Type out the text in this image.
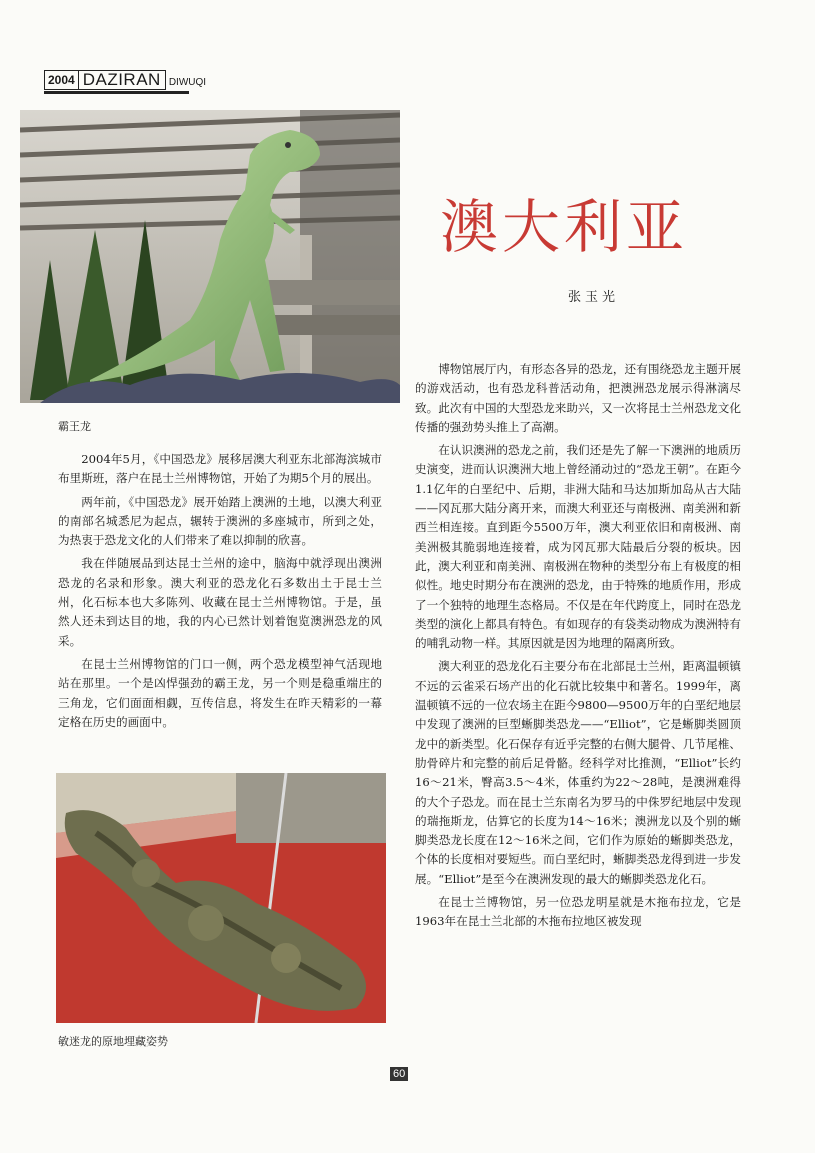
2004 DAZIRAN DIWUQI
霸王龙
澳大利亚
张玉光

2004年5月，《中国恐龙》展移居澳大利亚东北部海滨城市布里斯班，落户在昆士兰州博物馆，开始了为期5个月的展出。

两年前，《中国恐龙》展开始踏上澳洲的土地，以澳大利亚的南部名城悉尼为起点，辗转于澳洲的多座城市，所到之处，为热衷于恐龙文化的人们带来了难以抑制的欣喜。

我在伴随展品到达昆士兰州的途中，脑海中就浮现出澳洲恐龙的名录和形象。澳大利亚的恐龙化石多数出土于昆士兰州，化石标本也大多陈列、收藏在昆士兰州博物馆。于是，虽然人还未到达目的地，我的内心已然计划着饱览澳洲恐龙的风采。

在昆士兰州博物馆的门口一侧，两个恐龙模型神气活现地站在那里。一个是凶悍强劲的霸王龙，另一个则是稳重端庄的三角龙，它们面面相觑，互传信息，将发生在昨天精彩的一幕定格在历史的画面中。

敏迷龙的原地埋藏姿势

博物馆展厅内，有形态各异的恐龙，还有围绕恐龙主题开展的游戏活动，也有恐龙科普活动角，把澳洲恐龙展示得淋漓尽致。此次有中国的大型恐龙来助兴，又一次将昆士兰州恐龙文化传播的强劲势头推上了高潮。

在认识澳洲的恐龙之前，我们还是先了解一下澳洲的地质历史演变，进而认识澳洲大地上曾经涌动过的“恐龙王朝”。在距今1.1亿年的白垩纪中、后期，非洲大陆和马达加斯加岛从古大陆——冈瓦那大陆分离开来，而澳大利亚还与南极洲、南美洲和新西兰相连接。直到距今5500万年，澳大利亚依旧和南极洲、南美洲极其脆弱地连接着，成为冈瓦那大陆最后分裂的板块。因此，澳大利亚和南美洲、南极洲在物种的类型分布上有极度的相似性。地史时期分布在澳洲的恐龙，由于特殊的地质作用，形成了一个独特的地理生态格局。不仅是在年代跨度上，同时在恐龙类型的演化上都具有特色。有如现存的有袋类动物成为澳洲特有的哺乳动物一样。其原因就是因为地理的隔离所致。

澳大利亚的恐龙化石主要分布在北部昆士兰州，距离温顿镇不远的云雀采石场产出的化石就比较集中和著名。1999年，离温顿镇不远的一位农场主在距今9800—9500万年的白垩纪地层中发现了澳洲的巨型蜥脚类恐龙——“Elliot”，它是蜥脚类圆顶龙中的新类型。化石保存有近乎完整的右侧大腿骨、几节尾椎、肋骨碎片和完整的前后足骨骼。经科学对比推测，“Elliot”长约16～21米，臀高3.5～4米，体重约为22～28吨，是澳洲难得的大个子恐龙。而在昆士兰东南名为罗马的中侏罗纪地层中发现的瑞拖斯龙，估算它的长度为14～16米；澳洲龙以及个别的蜥脚类恐龙长度在12～16米之间，它们作为原始的蜥脚类恐龙，个体的长度相对要短些。而白垩纪时，蜥脚类恐龙得到进一步发展。“Elliot”是至今在澳洲发现的最大的蜥脚类恐龙化石。

在昆士兰博物馆，另一位恐龙明星就是木拖布拉龙，它是1963年在昆士兰北部的木拖布拉地区被发现

60
